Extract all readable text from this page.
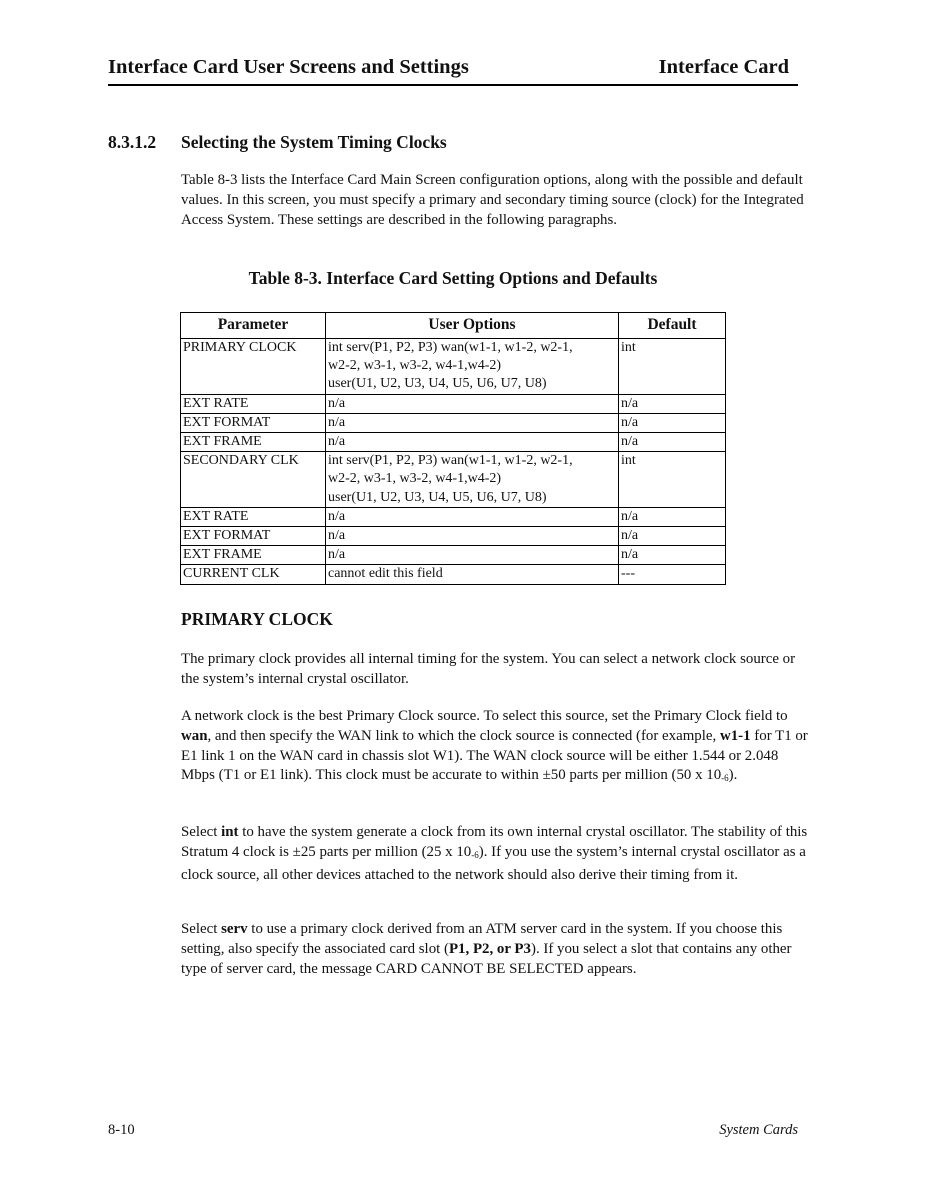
Interface Card User Screens and Settings	Interface Card
8.3.1.2 Selecting the System Timing Clocks

Table 8-3 lists the Interface Card Main Screen configuration options, along with the possible and default values. In this screen, you must specify a primary and secondary timing source (clock) for the Integrated Access System. These settings are described in the following paragraphs.

Table 8-3. Interface Card Setting Options and Defaults
Parameter	User Options	Default
PRIMARY CLOCK	int serv(P1, P2, P3) wan(w1-1, w1-2, w2-1,
w2-2, w3-1, w3-2, w4-1,w4-2)
user(U1, U2, U3, U4, U5, U6, U7, U8)	int
EXT RATE	n/a	n/a
EXT FORMAT	n/a	n/a
EXT FRAME	n/a	n/a
SECONDARY CLK	int serv(P1, P2, P3) wan(w1-1, w1-2, w2-1,
w2-2, w3-1, w3-2, w4-1,w4-2)
user(U1, U2, U3, U4, U5, U6, U7, U8)	int
EXT RATE	n/a	n/a
EXT FORMAT	n/a	n/a
EXT FRAME	n/a	n/a
CURRENT CLK	cannot edit this field	---
PRIMARY CLOCK

The primary clock provides all internal timing for the system. You can select a network clock source or the system’s internal crystal oscillator.

A network clock is the best Primary Clock source. To select this source, set the Primary Clock field to wan, and then specify the WAN link to which the clock source is connected (for example, w1-1 for T1 or E1 link 1 on the WAN card in chassis slot W1). The WAN clock source will be either 1.544 or 2.048 Mbps (T1 or E1 link). This clock must be accurate to within ±50 parts per million (50 x $10_{-6}$).

Select int to have the system generate a clock from its own internal crystal oscillator. The stability of this Stratum 4 clock is ±25 parts per million (25 x $10_{-6}$). If you use the system’s internal crystal oscillator as a clock source, all other devices attached to the network should also derive their timing from it.

Select serv to use a primary clock derived from an ATM server card in the system. If you choose this setting, also specify the associated card slot (P1, P2, or P3). If you select a slot that contains any other type of server card, the message CARD CANNOT BE SELECTED appears.

8-10	System Cards
